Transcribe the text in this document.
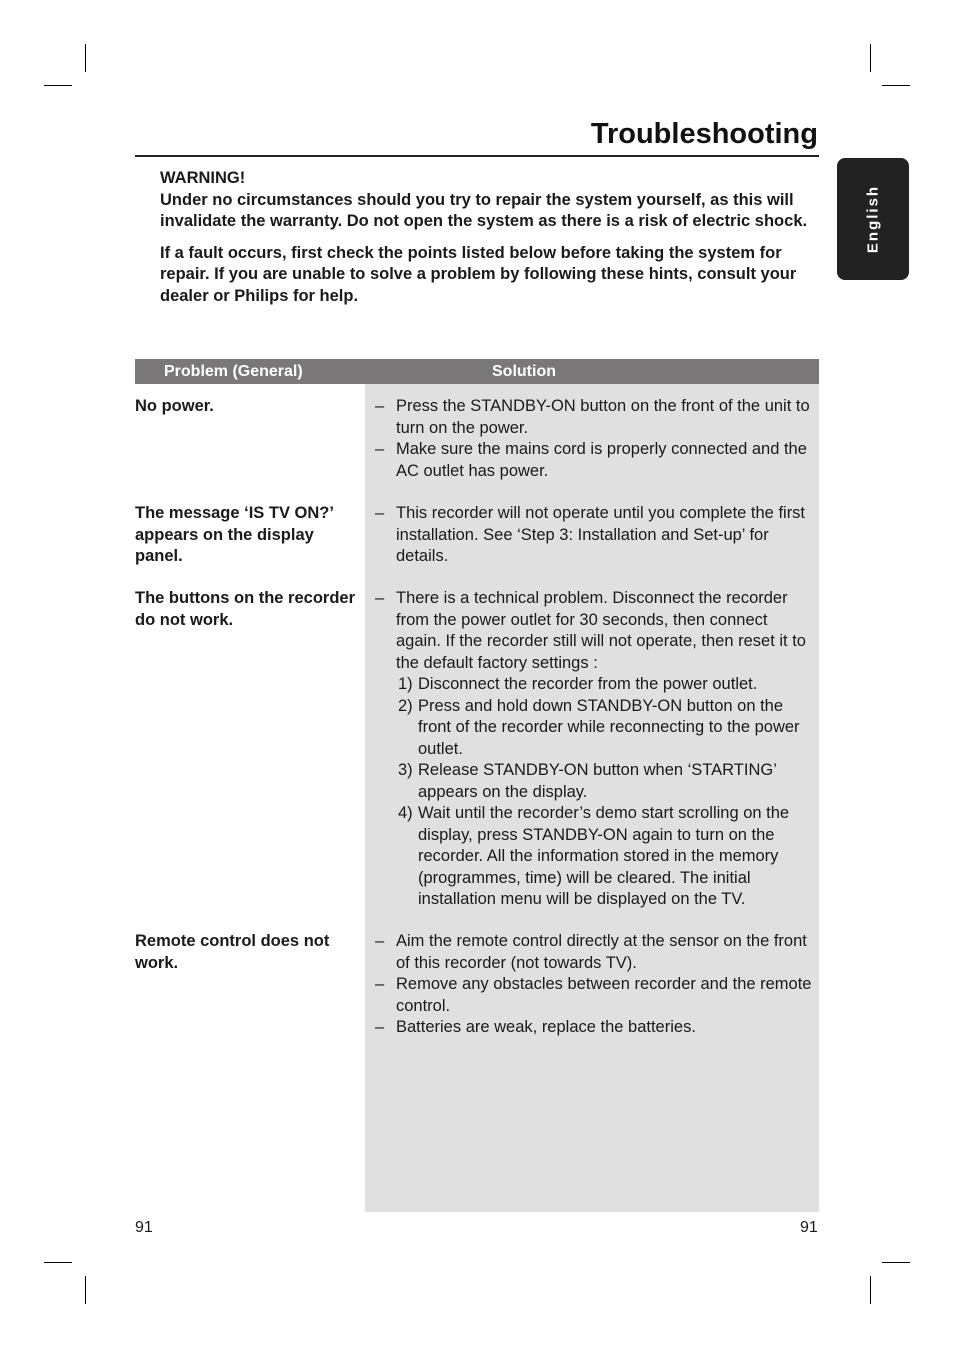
Troubleshooting
English

WARNING!

Under no circumstances should you try to repair the system yourself, as this will invalidate the warranty. Do not open the system as there is a risk of electric shock.

If a fault occurs, first check the points listed below before taking the system for repair. If you are unable to solve a problem by following these hints, consult your dealer or Philips for help.

Problem (General)	Solution
No power.	– Press the STANDBY-ON button on the front of the unit to turn on the power.
– Make sure the mains cord is properly connected and the AC outlet has power.
The message ‘IS TV ON?’ appears on the display panel.
– This recorder will not operate until you complete the first installation. See ‘Step 3: Installation and Set-up’ for details.
The buttons on the recorder do not work.
– There is a technical problem. Disconnect the recorder from the power outlet for 30 seconds, then connect again. If the recorder still will not operate, then reset it to the default factory settings :
1) Disconnect the recorder from the power outlet.
2) Press and hold down STANDBY-ON button on the front of the recorder while reconnecting to the power outlet.
3) Release STANDBY-ON button when ‘STARTING’ appears on the display.
4) Wait until the recorder’s demo start scrolling on the display, press STANDBY-ON again to turn on the recorder. All the information stored in the memory (programmes, time) will be cleared. The initial installation menu will be displayed on the TV.
Remote control does not work.
– Aim the remote control directly at the sensor on the front of this recorder (not towards TV).
– Remove any obstacles between recorder and the remote control.
– Batteries are weak, replace the batteries.
91	91
